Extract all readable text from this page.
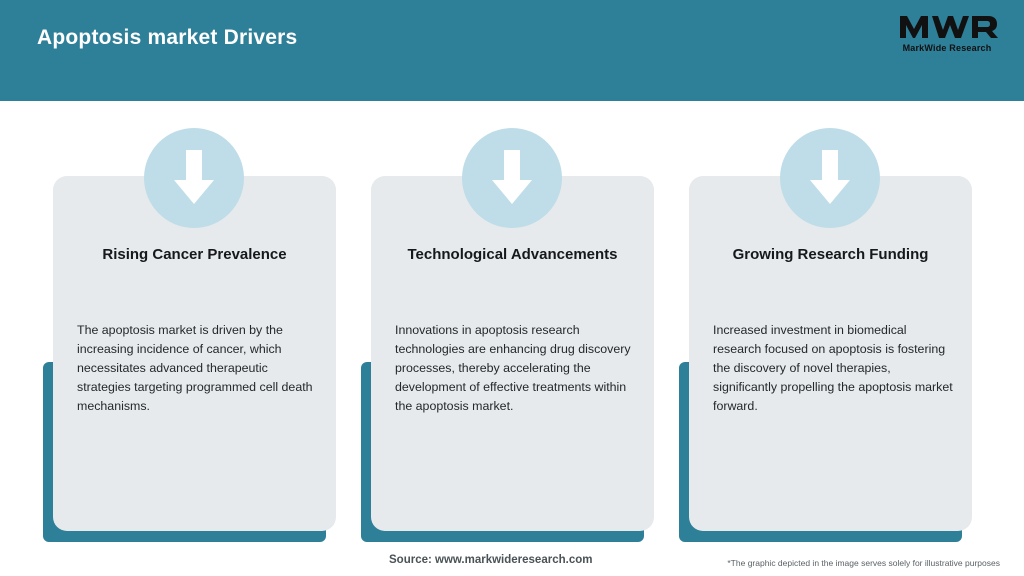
Apoptosis market Drivers	MarkWide Research
Inspiring Growth
Rising Cancer Prevalence
The apoptosis market is driven by the increasing incidence of cancer, which necessitates advanced therapeutic strategies targeting programmed cell death mechanisms.
Technological Advancements
Innovations in apoptosis research technologies are enhancing drug discovery processes, thereby accelerating the development of effective treatments within the apoptosis market.
Growing Research Funding
Increased investment in biomedical research focused on apoptosis is fostering the discovery of novel therapies, significantly propelling the apoptosis market forward.
Source: www.markwideresearch.com	*The graphic depicted in the image serves solely for illustrative purposes
